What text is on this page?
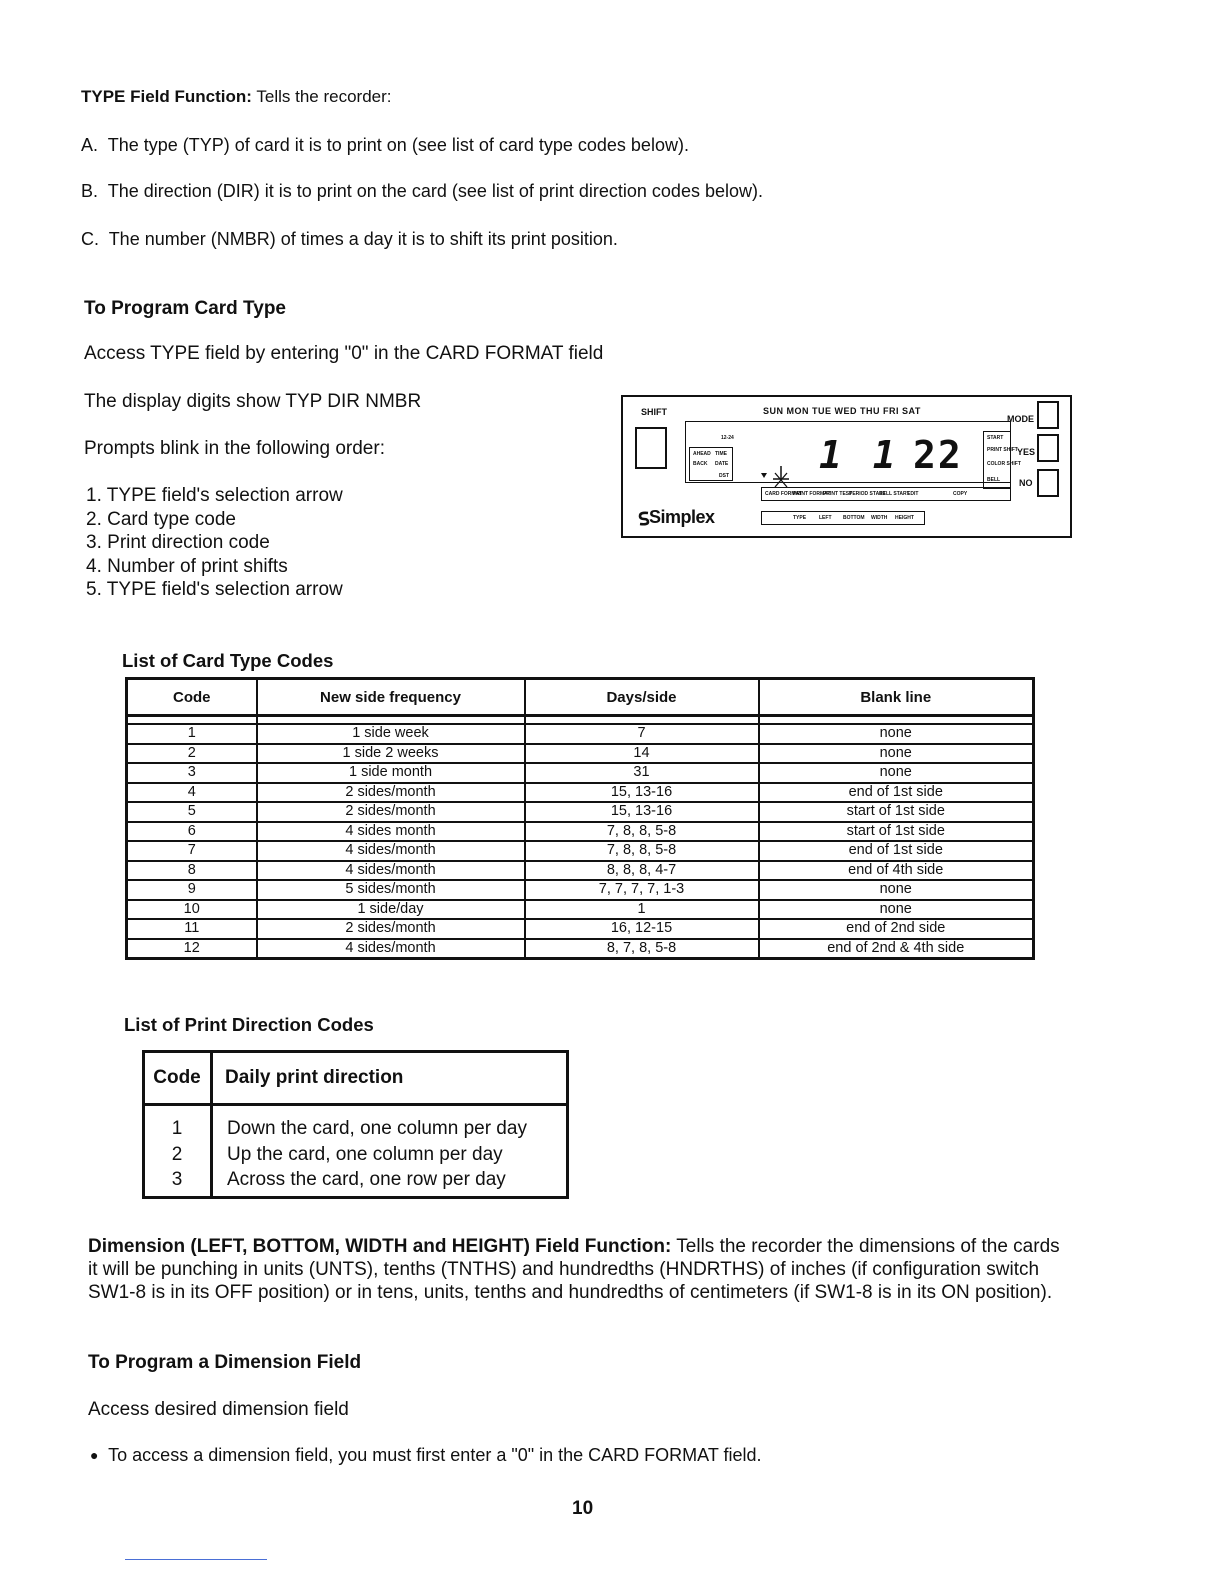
TYPE Field Function: Tells the recorder:
A. The type (TYP) of card it is to print on (see list of card type codes below).
B. The direction (DIR) it is to print on the card (see list of print direction codes below).
C. The number (NMBR) of times a day it is to shift its print position.
To Program Card Type
Access TYPE field by entering "0" in the CARD FORMAT field
The display digits show TYP DIR NMBR
Prompts blink in the following order:
1. TYPE field's selection arrow
2. Card type code
3. Print direction code
4. Number of print shifts
5. TYPE field's selection arrow
SHIFT	SUN MON TUE WED THU FRI SAT
MODE
YES
NO
12-24
AHEAD TIME
BACK DATE
DST
START
PRINT SHIFT
COLOR SHIFT
BELL
1 1 22
CARD FORMAT
PRINT FORMAT
PRINT TEST
PERIOD START
BELL START
EDIT	COPY
TYPE	LEFT BOTTOM WIDTH HEIGHT
Simplex
List of Card Type Codes
Code	New side frequency	Days/side	Blank line

1	1 side week	7	none
2	1 side 2 weeks	14	none
3	1 side month	31	none
4	2 sides/month	15, 13-16	end of 1st side
5	2 sides/month	15, 13-16	start of 1st side
6	4 sides month	7, 8, 8, 5-8	start of 1st side
7	4 sides/month	7, 8, 8, 5-8	end of 1st side
8	4 sides/month	8, 8, 8, 4-7	end of 4th side
9	5 sides/month	7, 7, 7, 7, 1-3	none
10	1 side/day	1	none
11	2 sides/month	16, 12-15	end of 2nd side
12	4 sides/month	8, 7, 8, 5-8	end of 2nd & 4th side
List of Print Direction Codes
Code	Daily print direction
1	Down the card, one column per day
2	Up the card, one column per day
3	Across the card, one row per day
Dimension (LEFT, BOTTOM, WIDTH and HEIGHT) Field Function: Tells the recorder the dimensions of the cards it will be punching in units (UNTS), tenths (TNTHS) and hundredths (HNDRTHS) of inches (if configuration switch SW1-8 is in its OFF position) or in tens, units, tenths and hundredths of centimeters (if SW1-8 is in its ON position).
To Program a Dimension Field
Access desired dimension field
● To access a dimension field, you must first enter a "0" in the CARD FORMAT field.
10
